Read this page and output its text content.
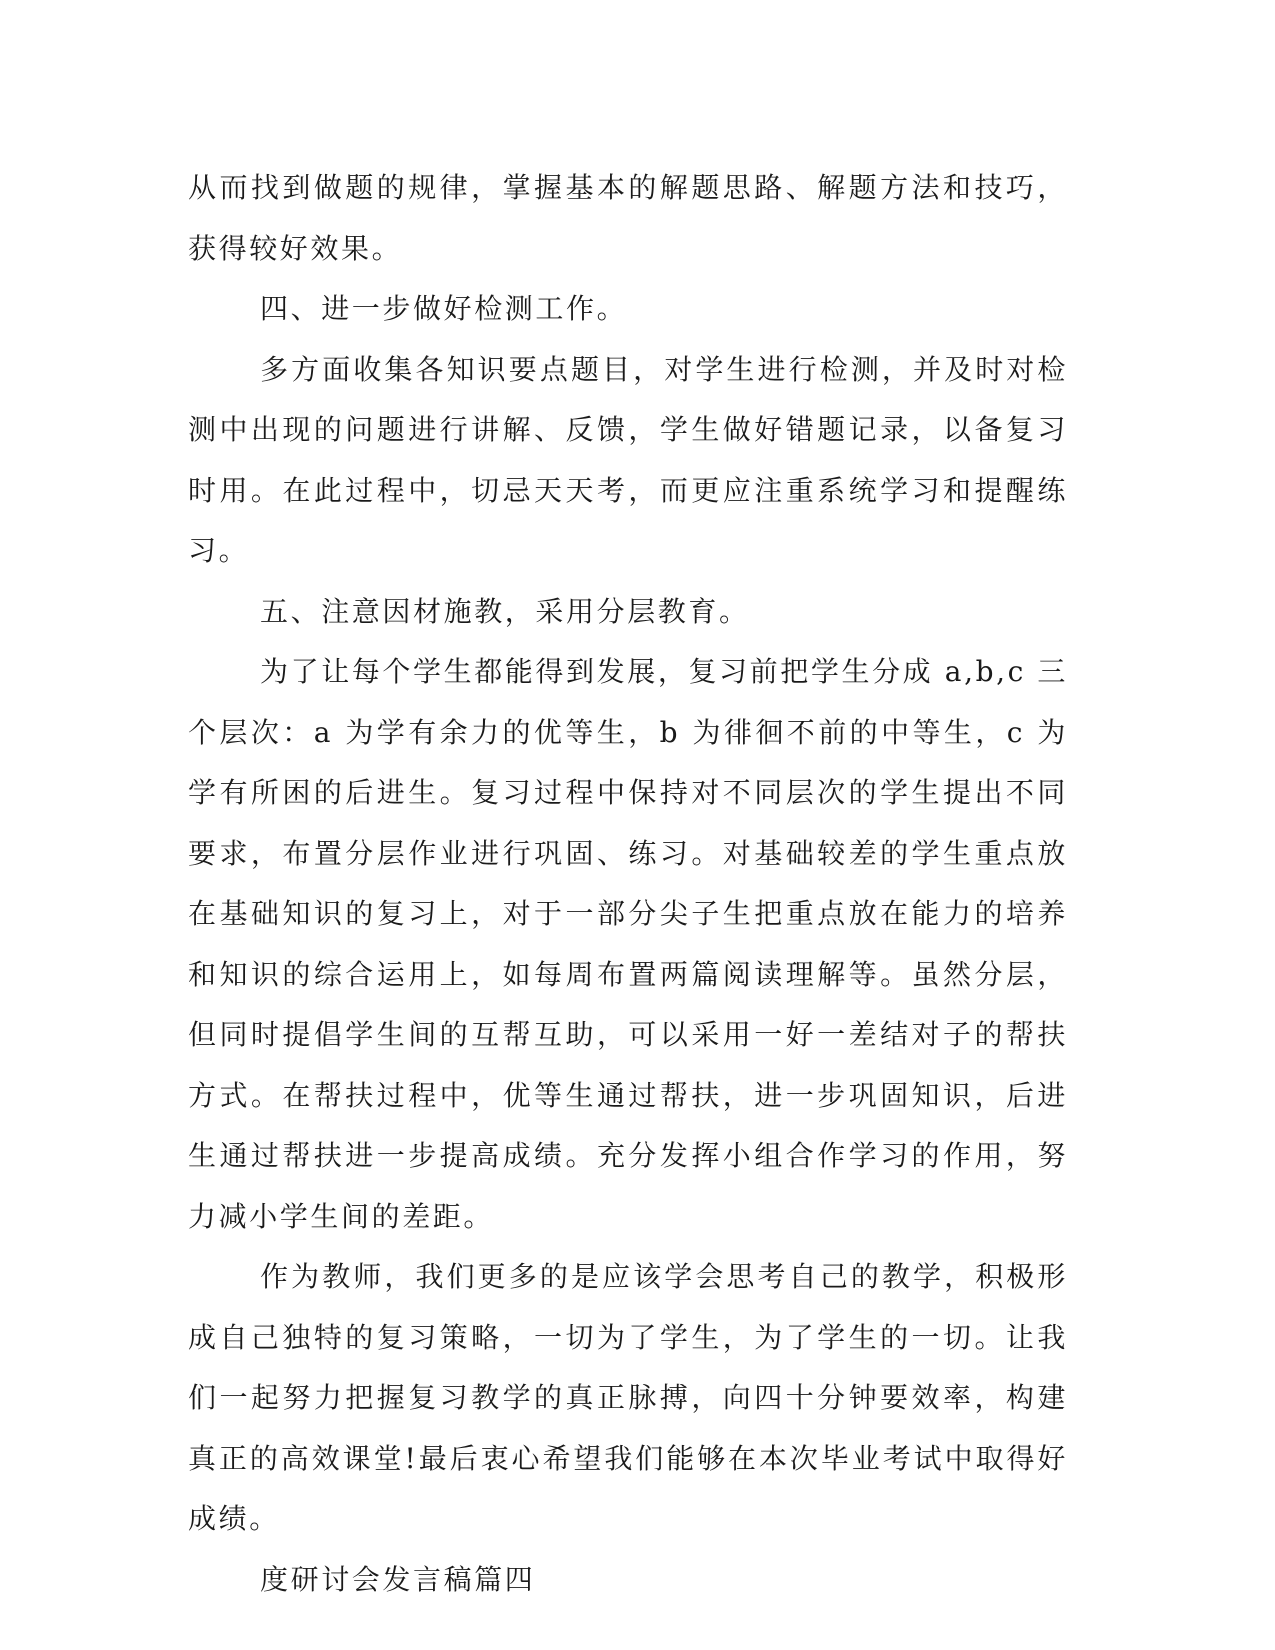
从而找到做题的规律，掌握基本的解题思路、解题方法和技巧，获得较好效果。

四、进一步做好检测工作。

多方面收集各知识要点题目，对学生进行检测，并及时对检测中出现的问题进行讲解、反馈，学生做好错题记录，以备复习时用。在此过程中，切忌天天考，而更应注重系统学习和提醒练习。

五、注意因材施教，采用分层教育。

为了让每个学生都能得到发展，复习前把学生分成 a,b,c 三个层次：a 为学有余力的优等生，b 为徘徊不前的中等生，c 为学有所困的后进生。复习过程中保持对不同层次的学生提出不同要求，布置分层作业进行巩固、练习。对基础较差的学生重点放在基础知识的复习上，对于一部分尖子生把重点放在能力的培养和知识的综合运用上，如每周布置两篇阅读理解等。虽然分层，但同时提倡学生间的互帮互助，可以采用一好一差结对子的帮扶方式。在帮扶过程中，优等生通过帮扶，进一步巩固知识，后进生通过帮扶进一步提高成绩。充分发挥小组合作学习的作用，努力减小学生间的差距。

作为教师，我们更多的是应该学会思考自己的教学，积极形成自己独特的复习策略，一切为了学生，为了学生的一切。让我们一起努力把握复习教学的真正脉搏，向四十分钟要效率，构建真正的高效课堂!最后衷心希望我们能够在本次毕业考试中取得好成绩。

度研讨会发言稿篇四
